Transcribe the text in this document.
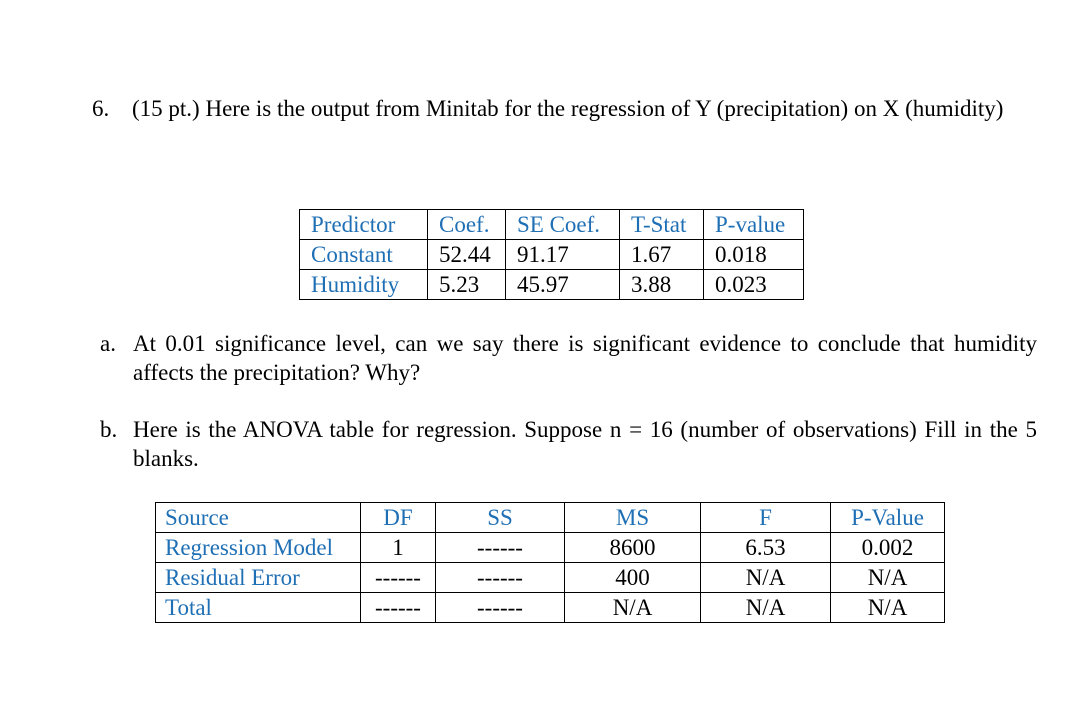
6. (15 pt.) Here is the output from Minitab for the regression of Y (precipitation) on X (humidity)
Predictor	Coef.	SE Coef.	T-Stat	P-value
Constant	52.44	91.17	1.67	0.018
Humidity	5.23	45.97	3.88	0.023
a. At 0.01 significance level, can we say there is significant evidence to conclude that humidity affects the precipitation? Why?
b. Here is the ANOVA table for regression. Suppose n = 16 (number of observations) Fill in the 5 blanks.
Source	DF	SS	MS	F	P-Value
Regression Model	1	------	8600	6.53	0.002
Residual Error	------	------	400	N/A	N/A
Total	------	------	N/A	N/A	N/A
